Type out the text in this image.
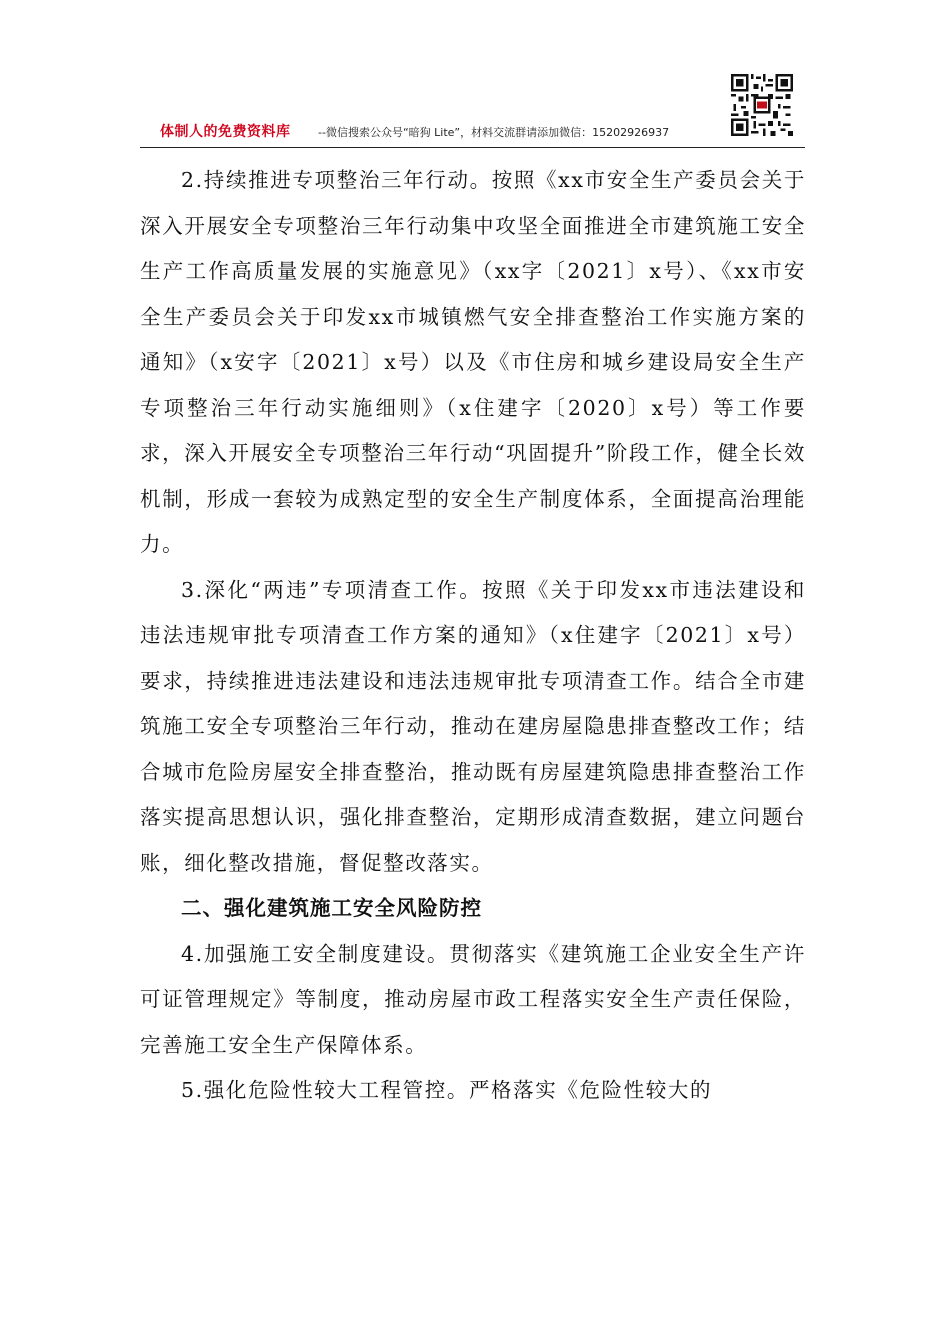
体制人的免费资料库	--微信搜索公众号“暗狗 Lite”，材料交流群请添加微信：15202926937

2.持续推进专项整治三年行动。按照《xx市安全生产委员会关于深入开展安全专项整治三年行动集中攻坚全面推进全市建筑施工安全生产工作高质量发展的实施意见》（xx字〔2021〕x号）、《xx市安全生产委员会关于印发xx市城镇燃气安全排查整治工作实施方案的通知》（x安字〔2021〕x号）以及《市住房和城乡建设局安全生产专项整治三年行动实施细则》（x住建字〔2020〕x号）等工作要求，深入开展安全专项整治三年行动“巩固提升”阶段工作，健全长效机制，形成一套较为成熟定型的安全生产制度体系，全面提高治理能力。

3.深化“两违”专项清查工作。按照《关于印发xx市违法建设和违法违规审批专项清查工作方案的通知》（x住建字〔2021〕x号）要求，持续推进违法建设和违法违规审批专项清查工作。结合全市建筑施工安全专项整治三年行动，推动在建房屋隐患排查整改工作；结合城市危险房屋安全排查整治，推动既有房屋建筑隐患排查整治工作落实提高思想认识，强化排查整治，定期形成清查数据，建立问题台账，细化整改措施，督促整改落实。

二、强化建筑施工安全风险防控

4.加强施工安全制度建设。贯彻落实《建筑施工企业安全生产许可证管理规定》等制度，推动房屋市政工程落实安全生产责任保险，完善施工安全生产保障体系。

5.强化危险性较大工程管控。严格落实《危险性较大的
